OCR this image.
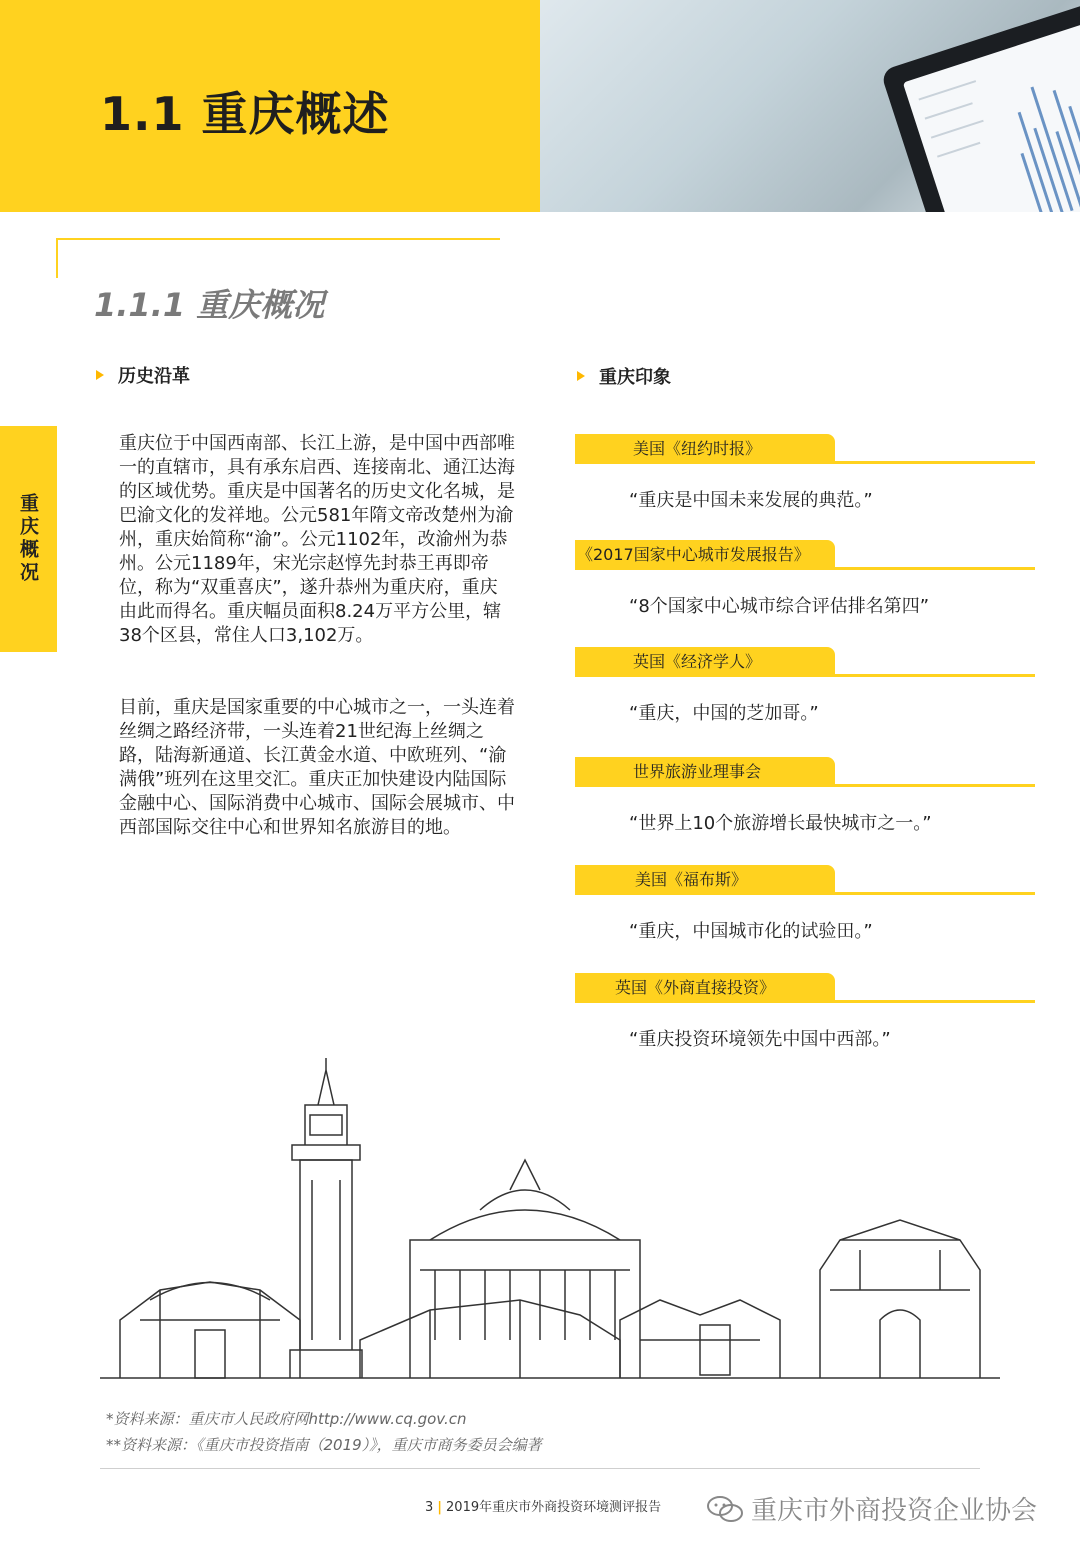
1.1 重庆概述
1.1.1 重庆概况
重庆概况
历史沿革
重庆位于中国西南部、长江上游，是中国中西部唯一的直辖市，具有承东启西、连接南北、通江达海的区域优势。重庆是中国著名的历史文化名城，是巴渝文化的发祥地。公元581年隋文帝改楚州为渝州，重庆始简称“渝”。公元1102年，改渝州为恭州。公元1189年，宋光宗赵惇先封恭王再即帝位，称为“双重喜庆”，遂升恭州为重庆府，重庆由此而得名。重庆幅员面积8.24万平方公里，辖38个区县，常住人口3,102万。
目前，重庆是国家重要的中心城市之一，一头连着丝绸之路经济带，一头连着21世纪海上丝绸之路，陆海新通道、长江黄金水道、中欧班列、“渝满俄”班列在这里交汇。重庆正加快建设内陆国际金融中心、国际消费中心城市、国际会展城市、中西部国际交往中心和世界知名旅游目的地。
重庆印象
美国《纽约时报》
“重庆是中国未来发展的典范。”
《2017国家中心城市发展报告》
“8个国家中心城市综合评估排名第四”
英国《经济学人》
“重庆，中国的芝加哥。”
世界旅游业理事会
“世界上10个旅游增长最快城市之一。”
美国《福布斯》
“重庆，中国城市化的试验田。”
英国《外商直接投资》
“重庆投资环境领先中国中西部。”
*资料来源：重庆市人民政府网http://www.cq.gov.cn
**资料来源：《重庆市投资指南（2019）》，重庆市商务委员会编著
3 | 2019年重庆市外商投资环境测评报告	重庆市外商投资企业协会
